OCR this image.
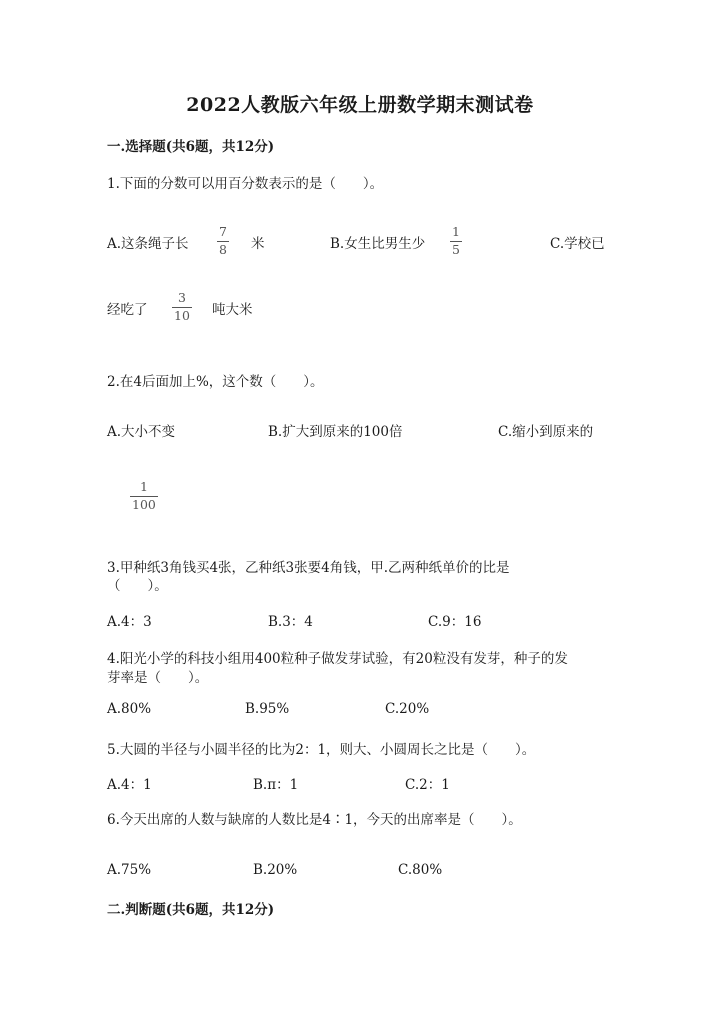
2022人教版六年级上册数学期末测试卷
一.选择题(共6题，共12分)
1.下面的分数可以用百分数表示的是（　　）。
A.这条绳子长
7
8 米	B.女生比男生少
1
5	C.学校已
经吃了
3
10 吨大米
2.在4后面加上%，这个数（　　）。
A.大小不变	B.扩大到原来的100倍	C.缩小到原来的
1
100
3.甲种纸3角钱买4张，乙种纸3张要4角钱，甲.乙两种纸单价的比是
（　　）。
A.4：3	B.3：4	C.9：16
4.阳光小学的科技小组用400粒种子做发芽试验，有20粒没有发芽，种子的发
芽率是（　　）。
A.80%	B.95%	C.20%
5.大圆的半径与小圆半径的比为2：1，则大、小圆周长之比是（　　）。
A.4：1	B.π：1	C.2：1
6.今天出席的人数与缺席的人数比是4∶1，今天的出席率是（　　）。
A.75%	B.20%	C.80%
二.判断题(共6题，共12分)
